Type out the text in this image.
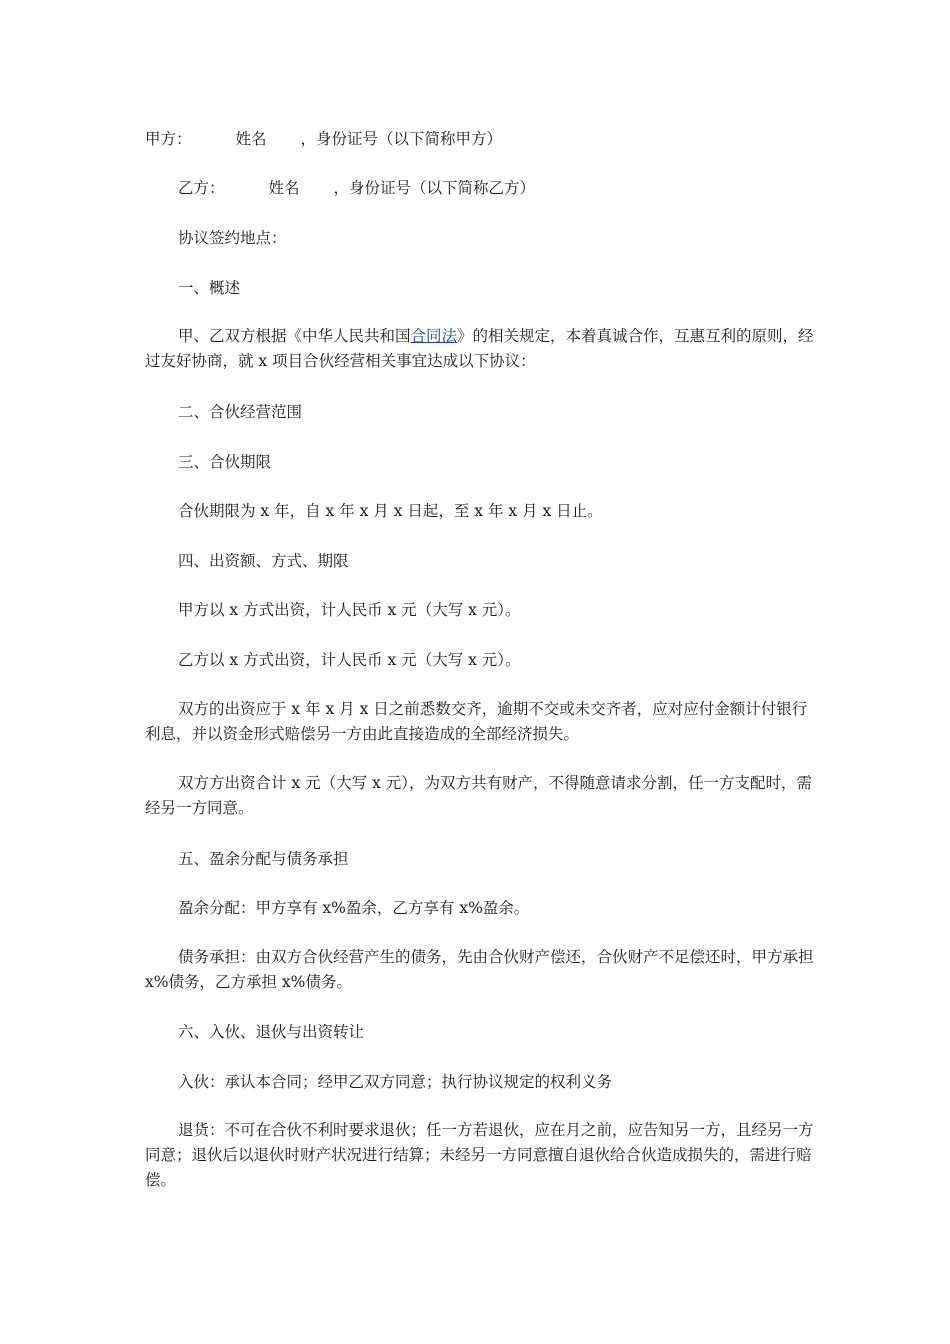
甲方：	姓名 ，身份证号（以下简称甲方）
乙方：	姓名 ，身份证号（以下简称乙方）
协议签约地点：
一、概述
甲、乙双方根据《中华人民共和国合同法》的相关规定，本着真诚合作，互惠互利的原则，经过友好协商，就 x 项目合伙经营相关事宜达成以下协议：
二、合伙经营范围
三、合伙期限
合伙期限为 x 年，自 x 年 x 月 x 日起，至 x 年 x 月 x 日止。
四、出资额、方式、期限
甲方以 x 方式出资，计人民币 x 元（大写 x 元）。
乙方以 x 方式出资，计人民币 x 元（大写 x 元）。
双方的出资应于 x 年 x 月 x 日之前悉数交齐，逾期不交或未交齐者，应对应付金额计付银行利息，并以资金形式赔偿另一方由此直接造成的全部经济损失。
双方方出资合计 x 元（大写 x 元），为双方共有财产，不得随意请求分割，任一方支配时，需经另一方同意。
五、盈余分配与债务承担
盈余分配：甲方享有 x%盈余，乙方享有 x%盈余。
债务承担：由双方合伙经营产生的债务，先由合伙财产偿还，合伙财产不足偿还时，甲方承担 x%债务，乙方承担 x%债务。
六、入伙、退伙与出资转让
入伙：承认本合同；经甲乙双方同意；执行协议规定的权利义务
退货：不可在合伙不利时要求退伙；任一方若退伙，应在月之前，应告知另一方，且经另一方同意；退伙后以退伙时财产状况进行结算；未经另一方同意擅自退伙给合伙造成损失的，需进行赔偿。
